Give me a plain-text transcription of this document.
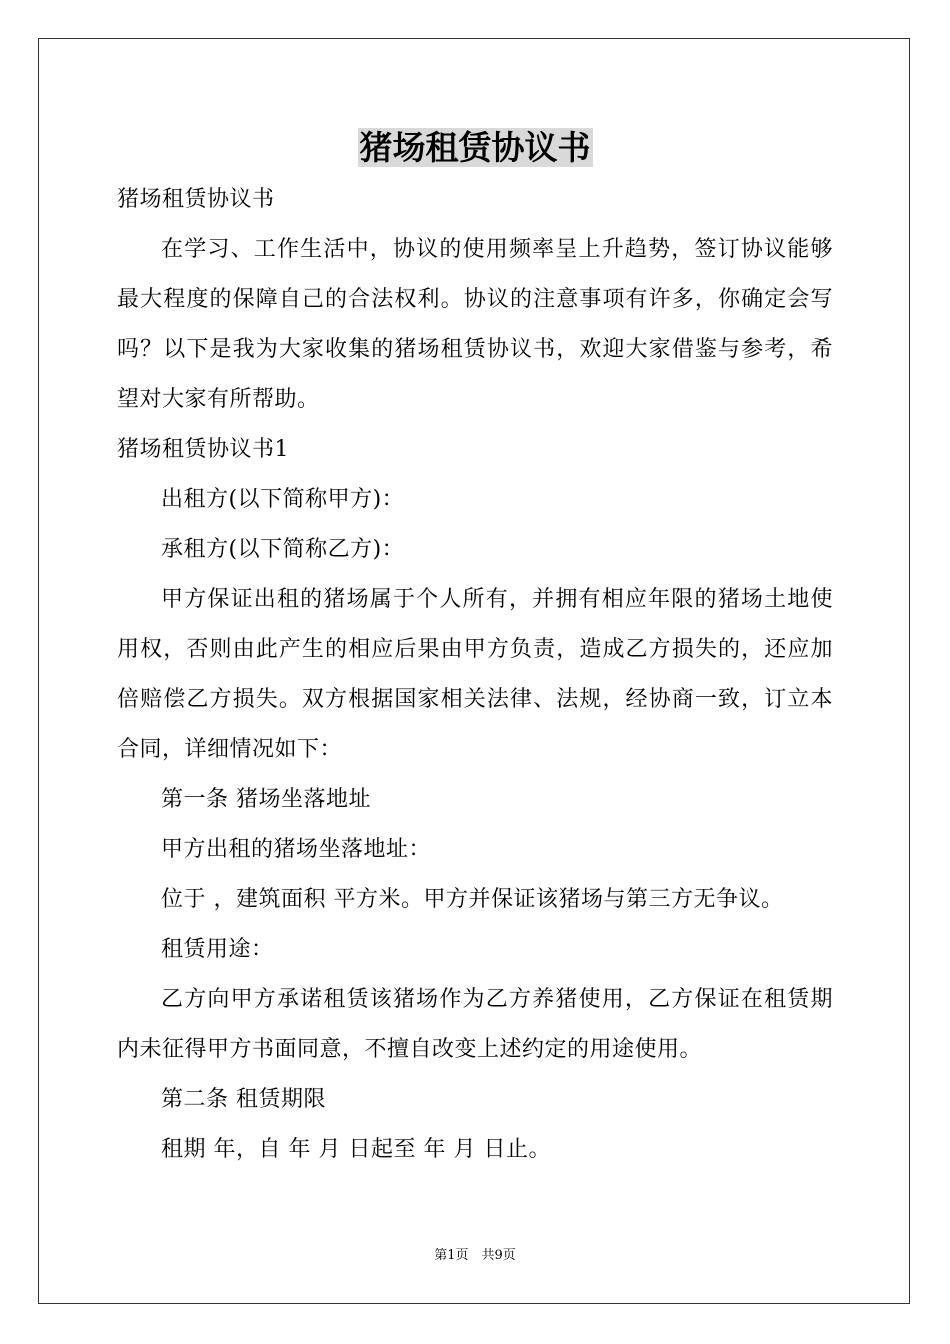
猪场租赁协议书

猪场租赁协议书

在学习、工作生活中，协议的使用频率呈上升趋势，签订协议能够最大程度的保障自己的合法权利。协议的注意事项有许多，你确定会写吗？以下是我为大家收集的猪场租赁协议书，欢迎大家借鉴与参考，希望对大家有所帮助。

猪场租赁协议书1

出租方(以下简称甲方)：

承租方(以下简称乙方)：

甲方保证出租的猪场属于个人所有，并拥有相应年限的猪场土地使用权，否则由此产生的相应后果由甲方负责，造成乙方损失的，还应加倍赔偿乙方损失。双方根据国家相关法律、法规，经协商一致，订立本合同，详细情况如下：

第一条 猪场坐落地址

甲方出租的猪场坐落地址：

位于 ，建筑面积 平方米。甲方并保证该猪场与第三方无争议。

租赁用途：

乙方向甲方承诺租赁该猪场作为乙方养猪使用，乙方保证在租赁期内未征得甲方书面同意，不擅自改变上述约定的用途使用。

第二条 租赁期限

租期 年，自 年 月 日起至 年 月 日止。

第1页　共9页
